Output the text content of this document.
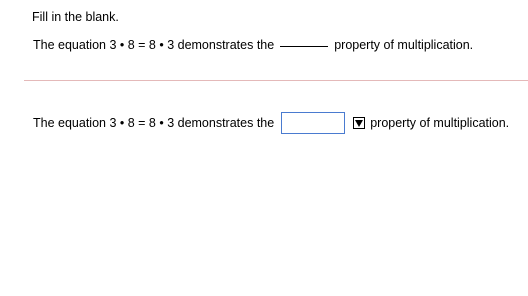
Fill in the blank.
The equation 3 • 8 = 8 • 3 demonstrates the	property of multiplication.
The equation 3 • 8 = 8 • 3 demonstrates the	property of multiplication.
